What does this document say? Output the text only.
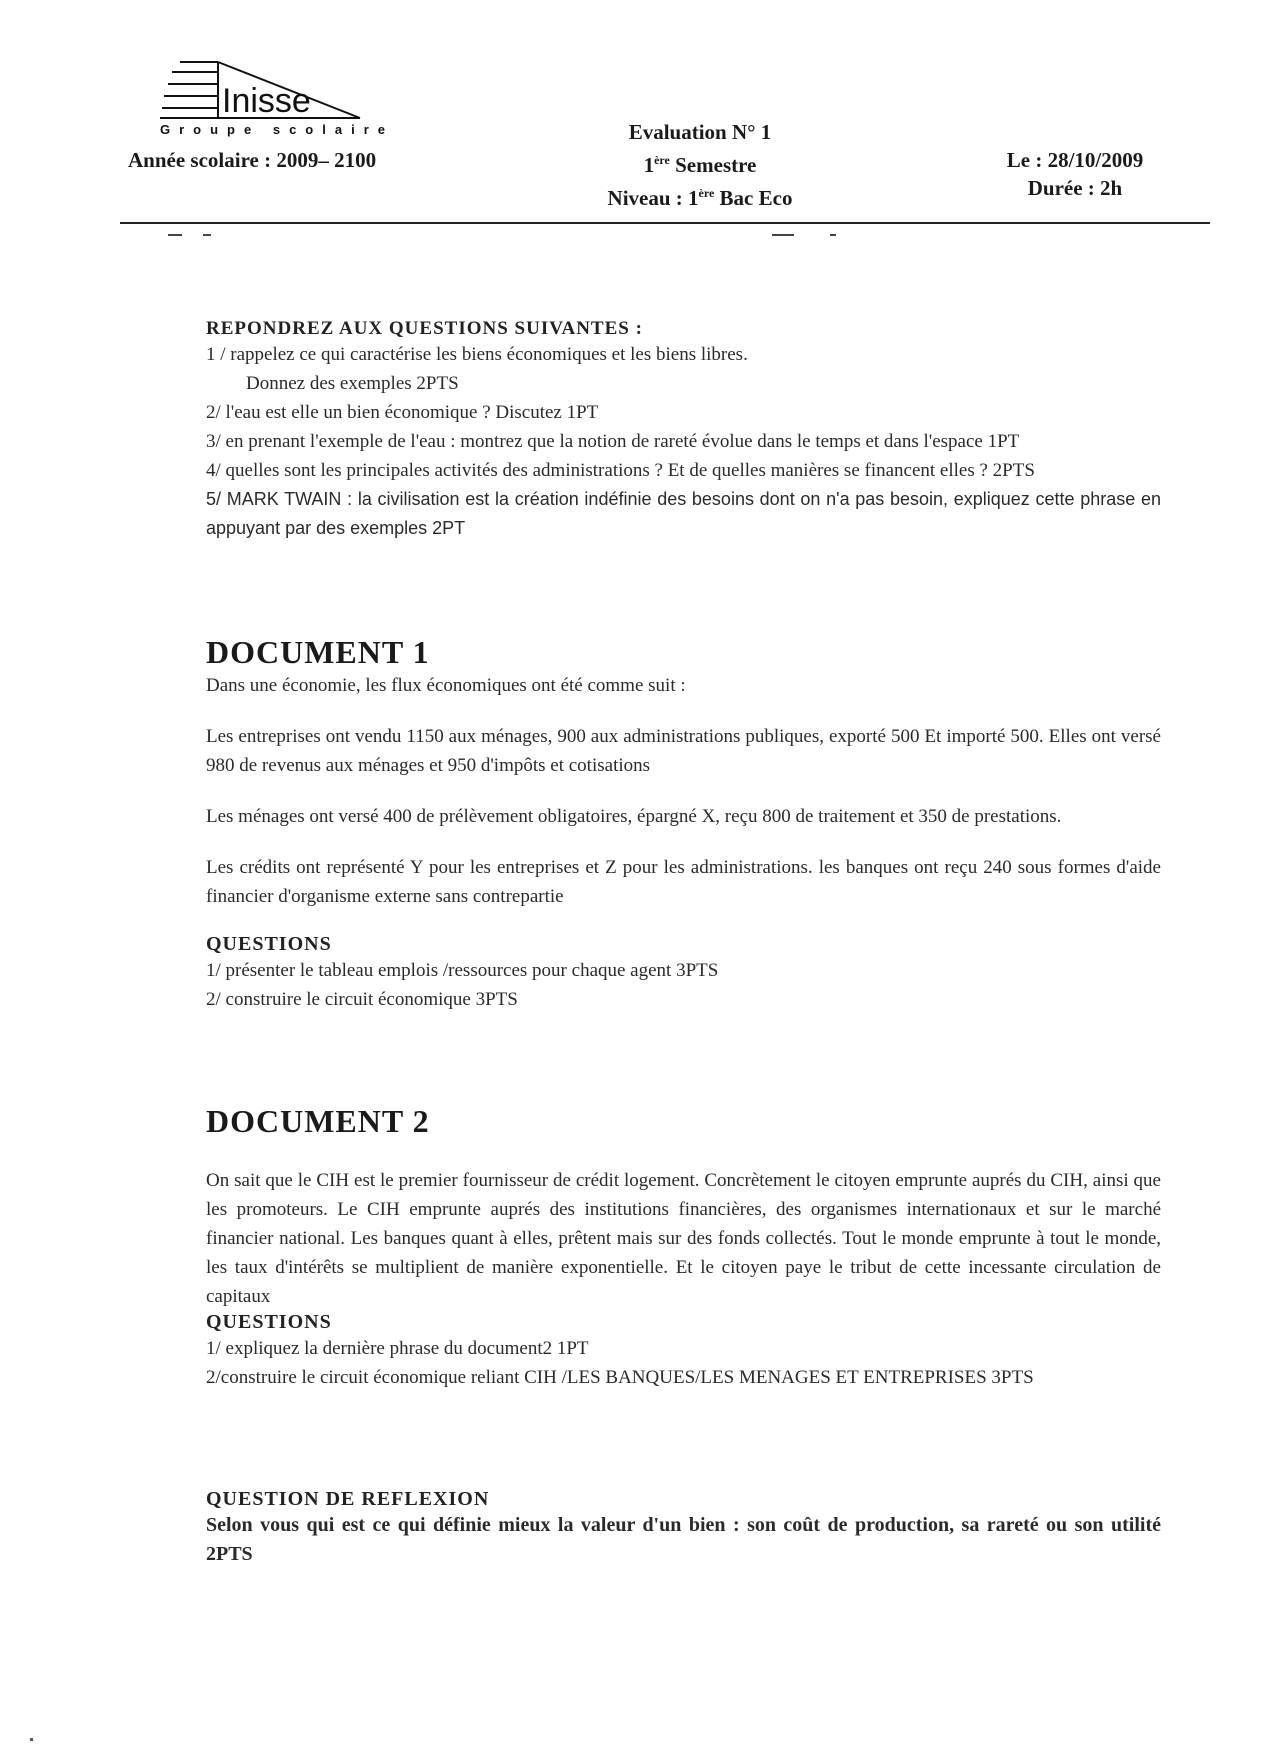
Inisse
Groupe scolaire
Année scolaire : 2009– 2100
Evaluation N° 1
1ère Semestre
Niveau : 1ère Bac Eco
Le : 28/10/2009
Durée : 2h

REPONDREZ AUX QUESTIONS SUIVANTES :

1 / rappelez ce qui caractérise les biens économiques et les biens libres.

Donnez des exemples 2PTS

2/ l'eau est elle un bien économique ? Discutez 1PT

3/ en prenant l'exemple de l'eau : montrez que la notion de rareté évolue dans le temps et dans l'espace 1PT

4/ quelles sont les principales activités des administrations ? Et de quelles manières se financent elles ? 2PTS

5/ MARK TWAIN : la civilisation est la création indéfinie des besoins dont on n'a pas besoin, expliquez cette phrase en appuyant par des exemples 2PT

DOCUMENT 1

Dans une économie, les flux économiques ont été comme suit :

Les entreprises ont vendu 1150 aux ménages, 900 aux administrations publiques, exporté 500 Et importé 500. Elles ont versé 980 de revenus aux ménages et 950 d'impôts et cotisations

Les ménages ont versé 400 de prélèvement obligatoires, épargné X, reçu 800 de traitement et 350 de prestations.

Les crédits ont représenté Y pour les entreprises et Z pour les administrations. les banques ont reçu 240 sous formes d'aide financier d'organisme externe sans contrepartie

QUESTIONS

1/ présenter le tableau emplois /ressources pour chaque agent 3PTS

2/ construire le circuit économique 3PTS

DOCUMENT 2

On sait que le CIH est le premier fournisseur de crédit logement. Concrètement le citoyen emprunte auprés du CIH, ainsi que les promoteurs. Le CIH emprunte auprés des institutions financières, des organismes internationaux et sur le marché financier national. Les banques quant à elles, prêtent mais sur des fonds collectés. Tout le monde emprunte à tout le monde, les taux d'intérêts se multiplient de manière exponentielle. Et le citoyen paye le tribut de cette incessante circulation de capitaux

QUESTIONS

1/ expliquez la dernière phrase du document2 1PT

2/construire le circuit économique reliant CIH /LES BANQUES/LES MENAGES ET ENTREPRISES 3PTS

QUESTION DE REFLEXION

Selon vous qui est ce qui définie mieux la valeur d'un bien : son coût de production, sa rareté ou son utilité 2PTS
